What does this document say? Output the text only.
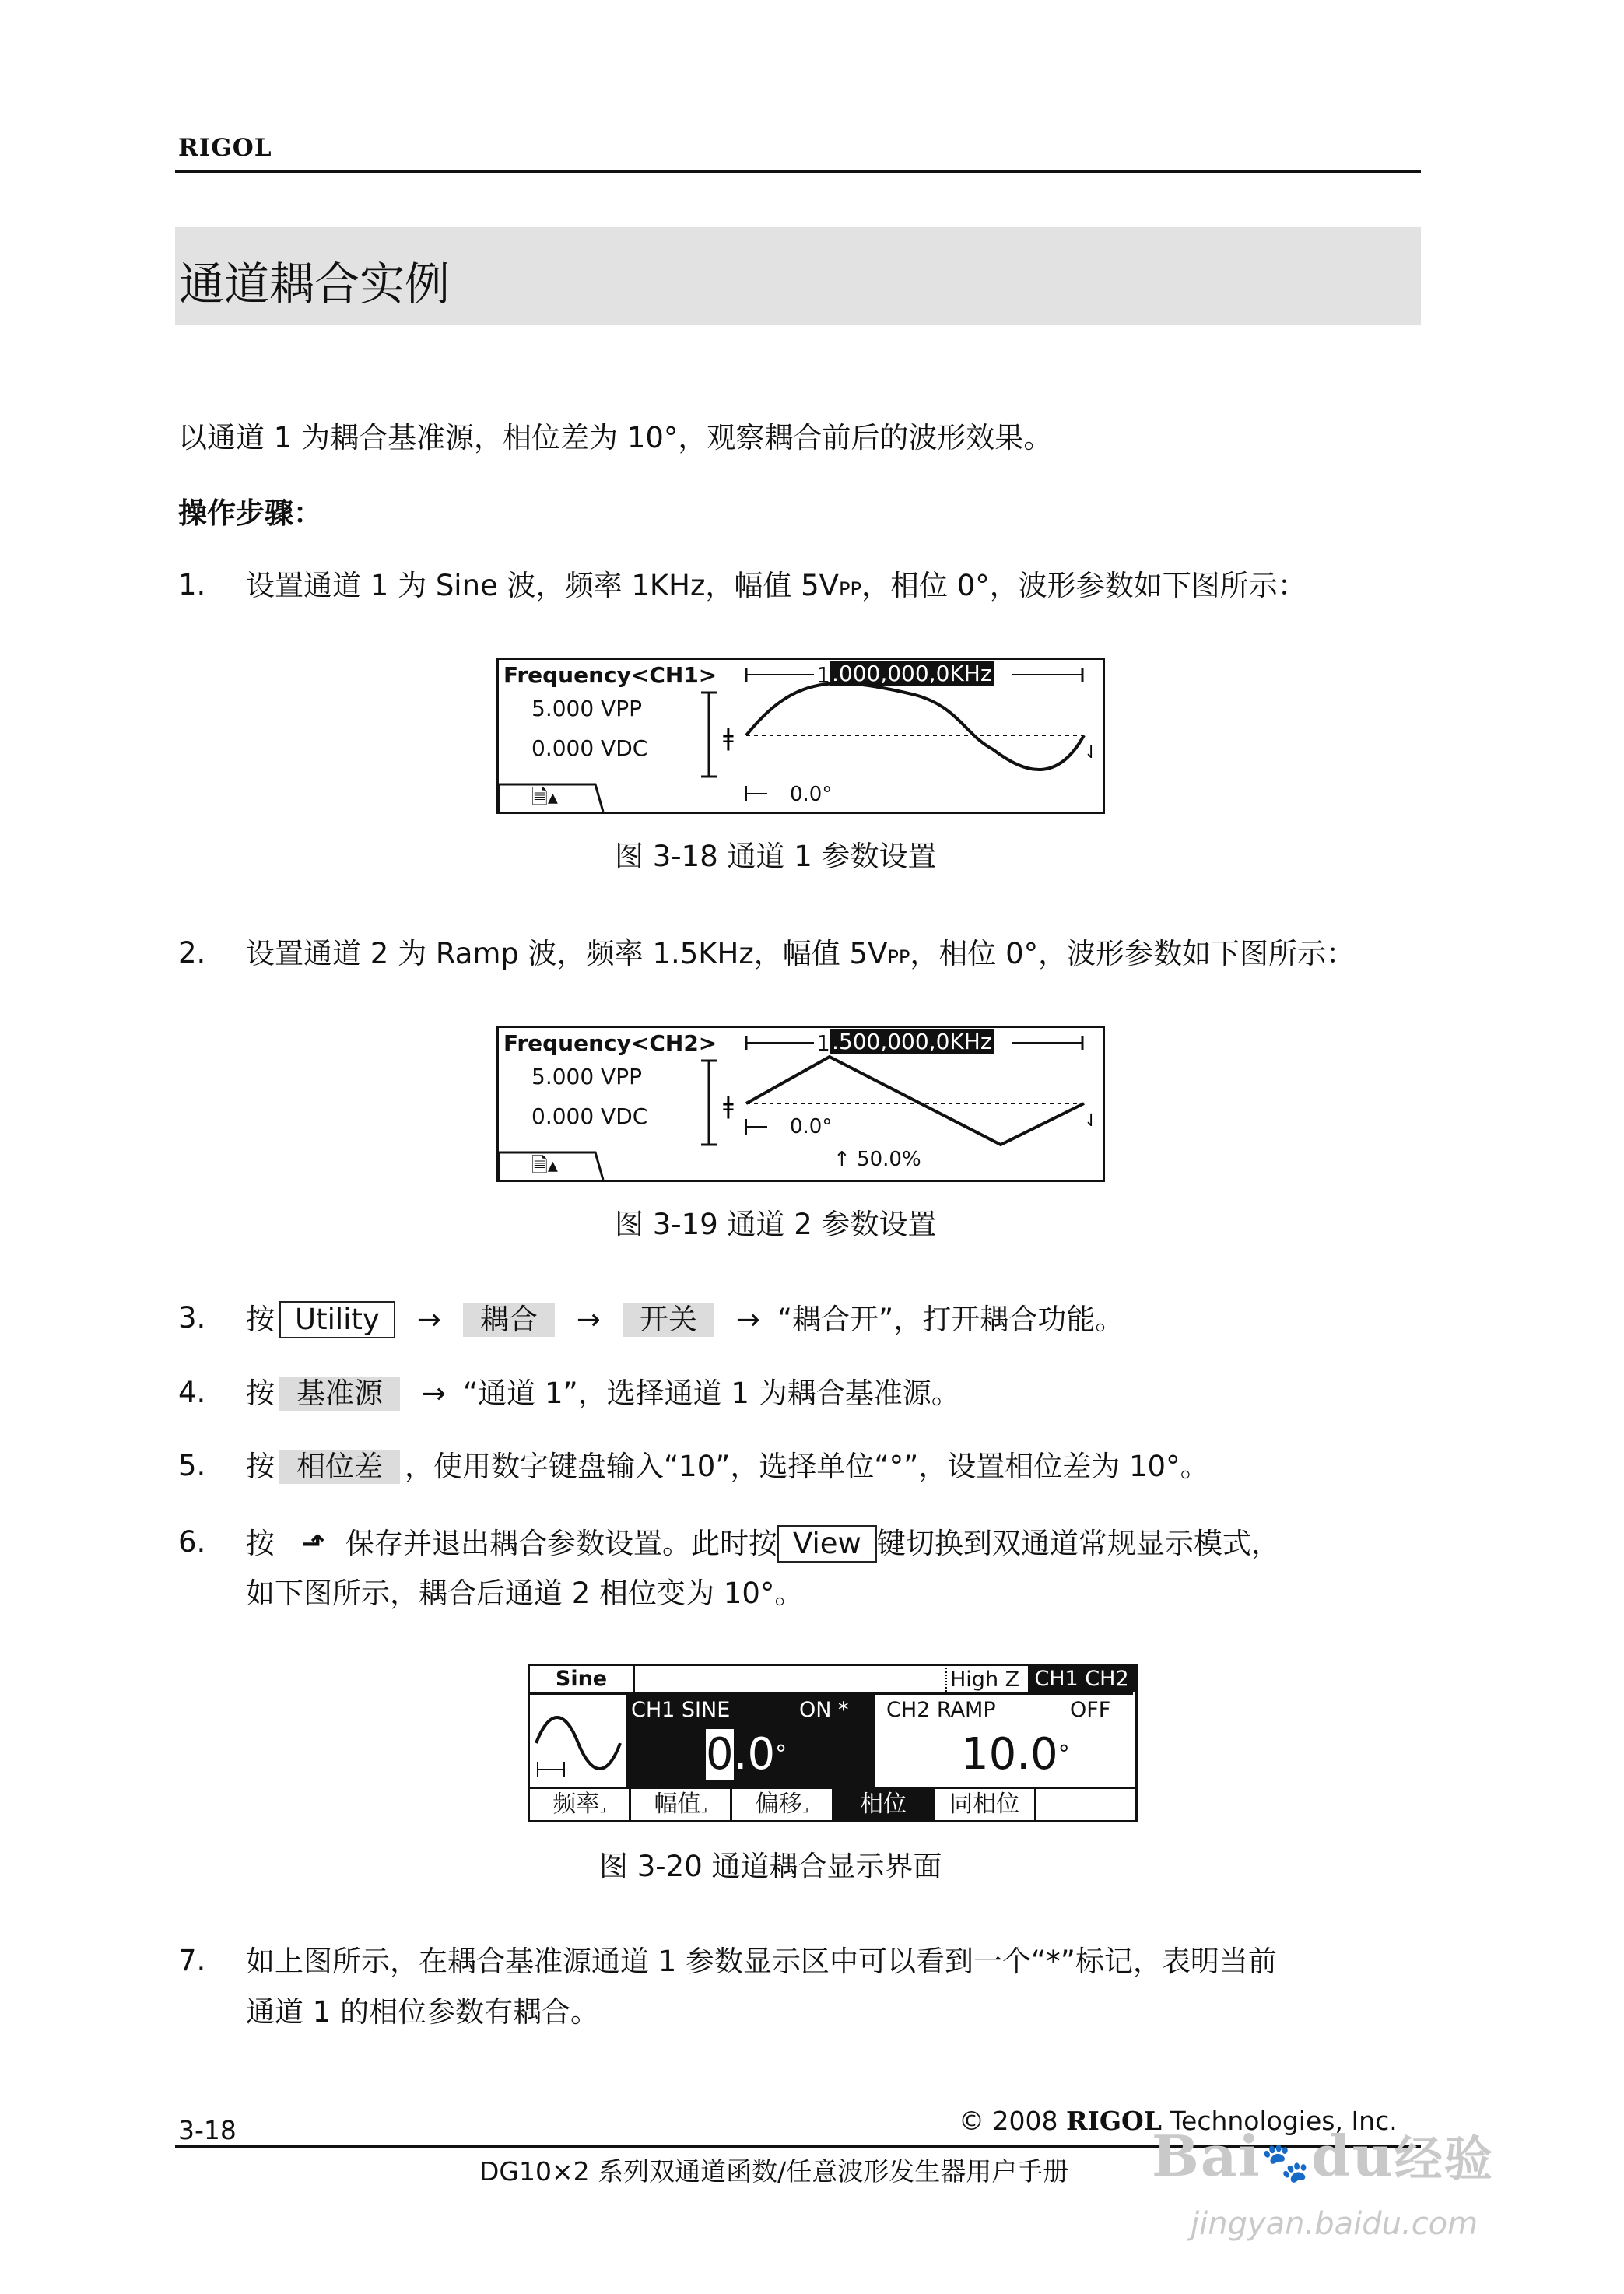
RIGOL
通道耦合实例
以通道 1 为耦合基准源，相位差为 10°，观察耦合前后的波形效果。
操作步骤：
1. 设置通道 1 为 Sine 波，频率 1KHz，幅值 5VPP，相位 0°，波形参数如下图所示：
Frequency<CH1>
5.000 VPP
0.000 VDC
1 .000,000,0KHz
0.0°
ǂ
⇃
🗎▴
图 3-18 通道 1 参数设置
2. 设置通道 2 为 Ramp 波，频率 1.5KHz，幅值 5VPP，相位 0°，波形参数如下图所示：
Frequency<CH2>
5.000 VPP
0.000 VDC
1 .500,000,0KHz
0.0°
↑ 50.0%
ǂ
⇃
🗎▴
图 3-19 通道 2 参数设置
3. 按 Utility → 耦合 → 开关 → “耦合开”，打开耦合功能。
4. 按 基准源 → “通道 1”，选择通道 1 为耦合基准源。
5. 按 相位差 ，使用数字键盘输入“10”，选择单位“°”，设置相位差为 10°。
6. 按 ⬏ 保存并退出耦合参数设置。此时按 View 键切换到双通道常规显示模式，
如下图所示，耦合后通道 2 相位变为 10°。
Sine	High Z CH1 CH2
CH1 SINE	ON *
0.0°
CH2 RAMP	OFF
10.0°
频率⌟	幅值⌟	偏移⌟	相位	同相位
图 3-20 通道耦合显示界面
7. 如上图所示，在耦合基准源通道 1 参数显示区中可以看到一个“*”标记，表明当前
通道 1 的相位参数有耦合。
3-18	© 2008 RIGOL Technologies, Inc.
DG10×2 系列双通道函数/任意波形发生器用户手册 Bai🐾du经验
jingyan.baidu.com
